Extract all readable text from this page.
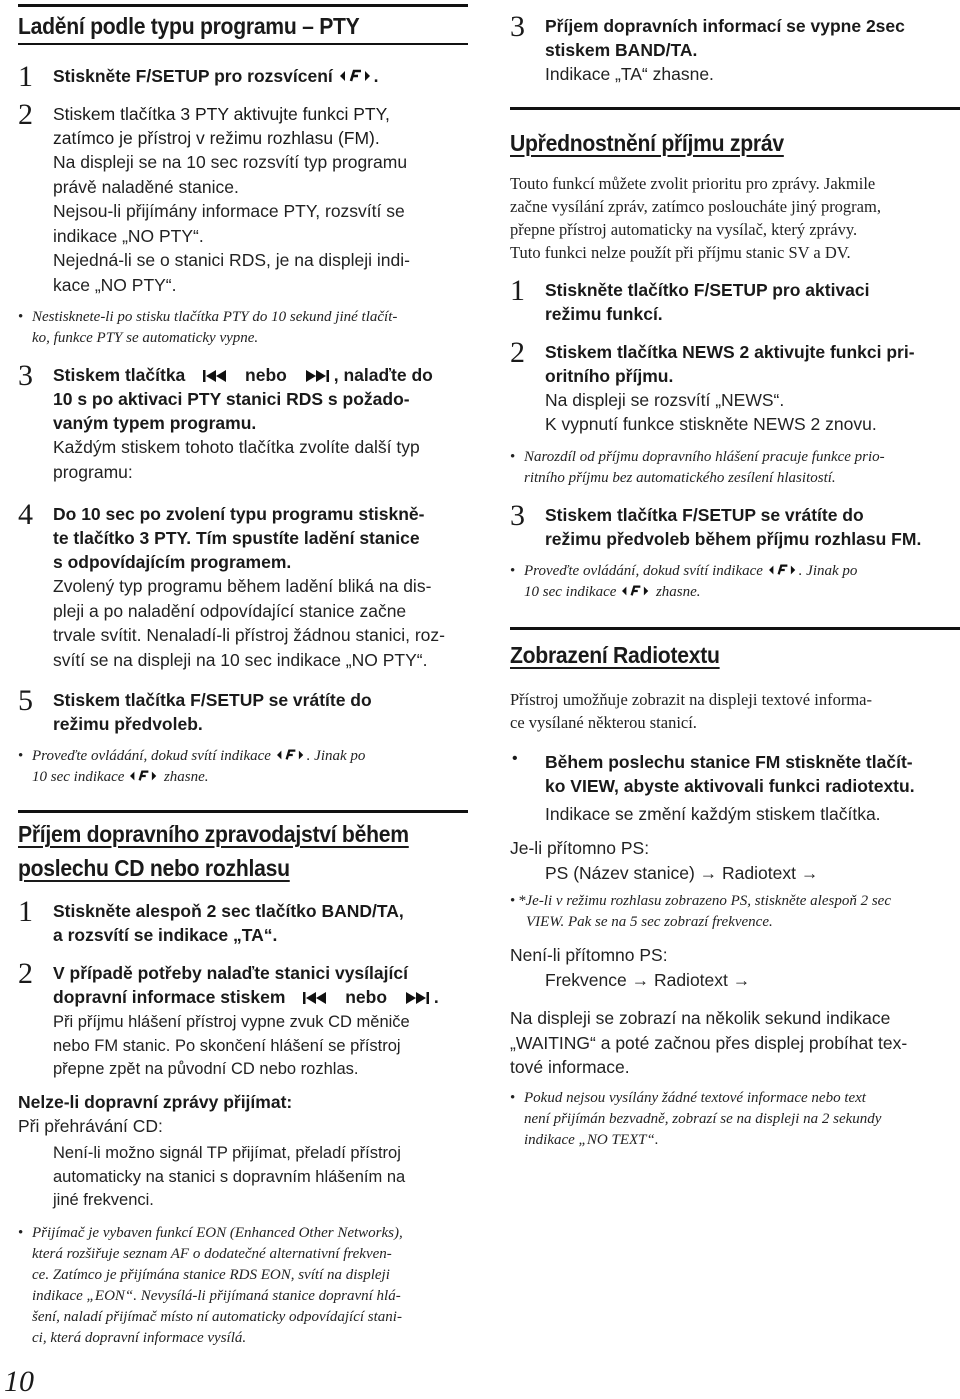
Ladění podle typu programu – PTY
1 Stiskněte F/SETUP pro rozsvícení .
2 Stiskem tlačítka 3 PTY aktivujte funkci PTY,
zatímco je přístroj v režimu rozhlasu (FM).
Na displeji se na 10 sec rozsvítí typ programu
právě naladěné stanice.
Nejsou-li přijímány informace PTY, rozsvítí se
indikace „NO PTY“.
Nejedná-li se o stanici RDS, je na displeji indi-
kace „NO PTY“.
• Nestisknete-li po stisku tlačítka PTY do 10 sekund jiné tlačít-
ko, funkce PTY se automaticky vypne.
3 Stiskem tlačítka	nebo	, nalaďte do
10 s po aktivaci PTY stanici RDS s požado-
vaným typem programu.
Každým stiskem tohoto tlačítka zvolíte další typ
programu:
4 Do 10 sec po zvolení typu programu stiskně-
te tlačítko 3 PTY. Tím spustíte ladění stanice
s odpovídajícím programem.
Zvolený typ programu během ladění bliká na dis-
pleji a po naladění odpovídající stanice začne
trvale svítit. Nenaladí-li přístroj žádnou stanici, roz-
svítí se na displeji na 10 sec indikace „NO PTY“.
5 Stiskem tlačítka F/SETUP se vrátíte do
režimu předvoleb.
• Proveďte ovládání, dokud svítí indikace . Jinak po
10 sec indikace  zhasne.
Příjem dopravního zpravodajství během
poslechu CD nebo rozhlasu
1 Stiskněte alespoň 2 sec tlačítko BAND/TA,
a rozsvítí se indikace „TA“.
2 V případě potřeby nalaďte stanici vysílající
dopravní informace stiskem	nebo	.
Při příjmu hlášení přístroj vypne zvuk CD měniče
nebo FM stanic. Po skončení hlášení se přístroj
přepne zpět na původní CD nebo rozhlas.
Nelze-li dopravní zprávy přijímat:
Při přehrávání CD:
Není-li možno signál TP přijímat, přeladí přístroj
automaticky na stanici s dopravním hlášením na
jiné frekvenci.
• Přijímač je vybaven funkcí EON (Enhanced Other Networks),
která rozšiřuje seznam AF o dodatečné alternativní frekven-
ce. Zatímco je přijímána stanice RDS EON, svítí na displeji
indikace „EON“. Nevysílá-li přijímaná stanice dopravní hlá-
šení, naladí přijímač místo ní automaticky odpovídající stani-
ci, která dopravní informace vysílá.
10
3 Příjem dopravních informací se vypne 2sec
stiskem BAND/TA.
Indikace „TA“ zhasne.
Upřednostnění příjmu zpráv
Touto funkcí můžete zvolit prioritu pro zprávy. Jakmile
začne vysílání zpráv, zatímco posloucháte jiný program,
přepne přístroj automaticky na vysílač, který zprávy.
Tuto funkci nelze použít při příjmu stanic SV a DV.
1 Stiskněte tlačítko F/SETUP pro aktivaci
režimu funkcí.
2 Stiskem tlačítka NEWS 2 aktivujte funkci pri-
oritního příjmu.
Na displeji se rozsvítí „NEWS“.
K vypnutí funkce stiskněte NEWS 2 znovu.
• Narozdíl od příjmu dopravního hlášení pracuje funkce prio-
ritního příjmu bez automatického zesílení hlasitostí.
3 Stiskem tlačítka F/SETUP se vrátíte do
režimu předvoleb během příjmu rozhlasu FM.
• Proveďte ovládání, dokud svítí indikace . Jinak po
10 sec indikace  zhasne.
Zobrazení Radiotextu
Přístroj umožňuje zobrazit na displeji textové informa-
ce vysílané některou stanicí.
• Během poslechu stanice FM stiskněte tlačít-
ko VIEW, abyste aktivovali funkci radiotextu.
Indikace se změní každým stiskem tlačítka.
Je-li přítomno PS:
PS (Název stanice) → Radiotext →
• *Je-li v režimu rozhlasu zobrazeno PS, stiskněte alespoň 2 sec
VIEW. Pak se na 5 sec zobrazí frekvence.
Není-li přítomno PS:
Frekvence → Radiotext →
Na displeji se zobrazí na několik sekund indikace
„WAITING“ a poté začnou přes displej probíhat tex-
tové informace.
• Pokud nejsou vysílány žádné textové informace nebo text
není přijímán bezvadně, zobrazí se na displeji na 2 sekundy
indikace „NO TEXT“.
